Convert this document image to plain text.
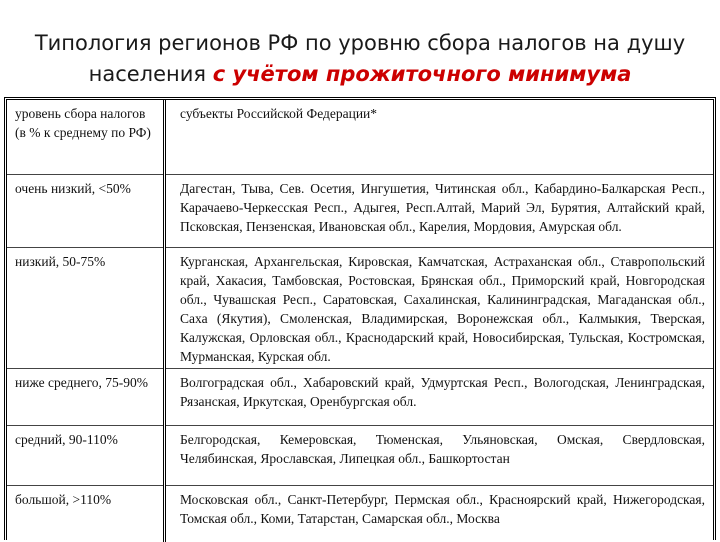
Типология регионов РФ по уровню сбора налогов на душу
населения с учётом прожиточного минимума
уровень сбора налогов (в % к среднему по РФ)	субъекты Российской Федерации*
очень низкий, <50%	Дагестан, Тыва, Сев. Осетия, Ингушетия, Читинская обл., Кабардино-Балкарская Респ., Карачаево-Черкесская Респ., Адыгея, Респ.Алтай, Марий Эл, Бурятия, Алтайский край, Псковская, Пензенская, Ивановская обл., Карелия, Мордовия, Амурская обл.
низкий, 50-75%	Курганская, Архангельская, Кировская, Камчатская, Астраханская обл., Ставропольский край, Хакасия, Тамбовская, Ростовская, Брянская обл., Приморский край, Новгородская обл., Чувашская Респ., Саратовская, Сахалинская, Калининградская, Магаданская обл., Саха (Якутия), Смоленская, Владимирская, Воронежская обл., Калмыкия, Тверская, Калужская, Орловская обл., Краснодарский край, Новосибирская, Тульская, Костромская, Мурманская, Курская обл.
ниже среднего, 75-90%	Волгоградская обл., Хабаровский край, Удмуртская Респ., Вологодская, Ленинградская, Рязанская, Иркутская, Оренбургская обл.
средний, 90-110%	Белгородская, Кемеровская, Тюменская, Ульяновская, Омская, Свердловская, Челябинская, Ярославская, Липецкая обл., Башкортостан
большой, >110%	Московская обл., Санкт-Петербург, Пермская обл., Красноярский край, Нижегородская, Томская обл., Коми, Татарстан, Самарская обл., Москва
